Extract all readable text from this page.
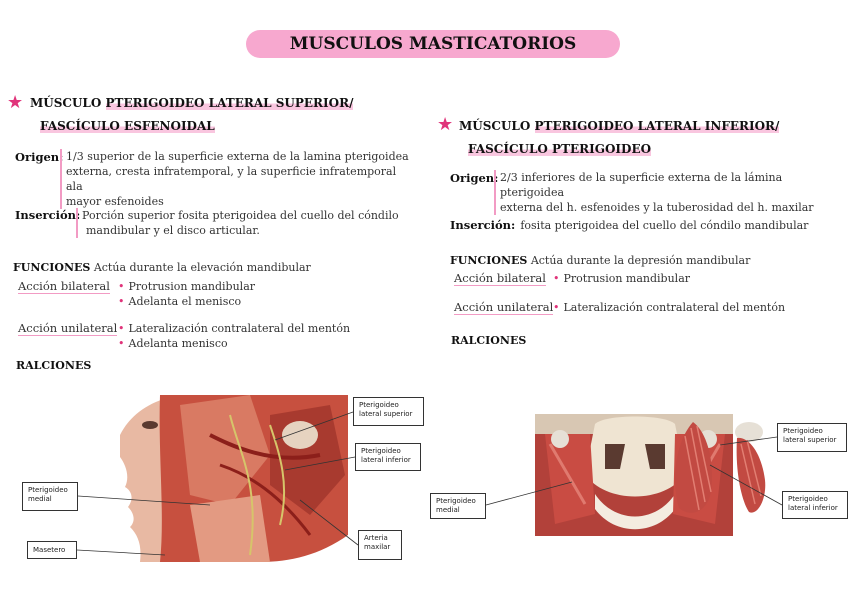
MUSCULOS MASTICATORIOS
★ MÚSCULO PTERIGOIDEO LATERAL SUPERIOR/
FASCÍCULO ESFENOIDAL
Origen: 1/3 superior de la superficie externa de la lamina pterigoidea
externa, cresta infratemporal, y la superficie infratemporal ala
mayor esfenoides
Inserción: Porción superior fosita pterigoidea del cuello del cóndilo
mandibular y el disco articular.
FUNCIONES Actúa durante la elevación mandibular
Acción bilateral	• Protrusion mandibular
• Adelanta el menisco
Acción unilateral	• Lateralización contralateral del mentón
• Adelanta menisco
RALCIONES
Pterigoideo
lateral superior
Pterigoideo
lateral inferior
Pterigoideo
medial
Masetero
Arteria
maxilar
★ MÚSCULO PTERIGOIDEO LATERAL INFERIOR/
FASCÍCULO PTERIGOIDEO
Origen: 2/3 inferiores de la superficie externa de la lámina pterigoidea
externa del h. esfenoides y la tuberosidad del h. maxilar
Inserción: fosita pterigoidea del cuello del cóndilo mandibular
FUNCIONES Actúa durante la depresión mandibular
Acción bilateral	• Protrusion mandibular
Acción unilateral • Lateralización contralateral del mentón
RALCIONES
Pterigoideo
lateral superior
Pterigoideo
lateral inferior
Pterigoideo
medial
